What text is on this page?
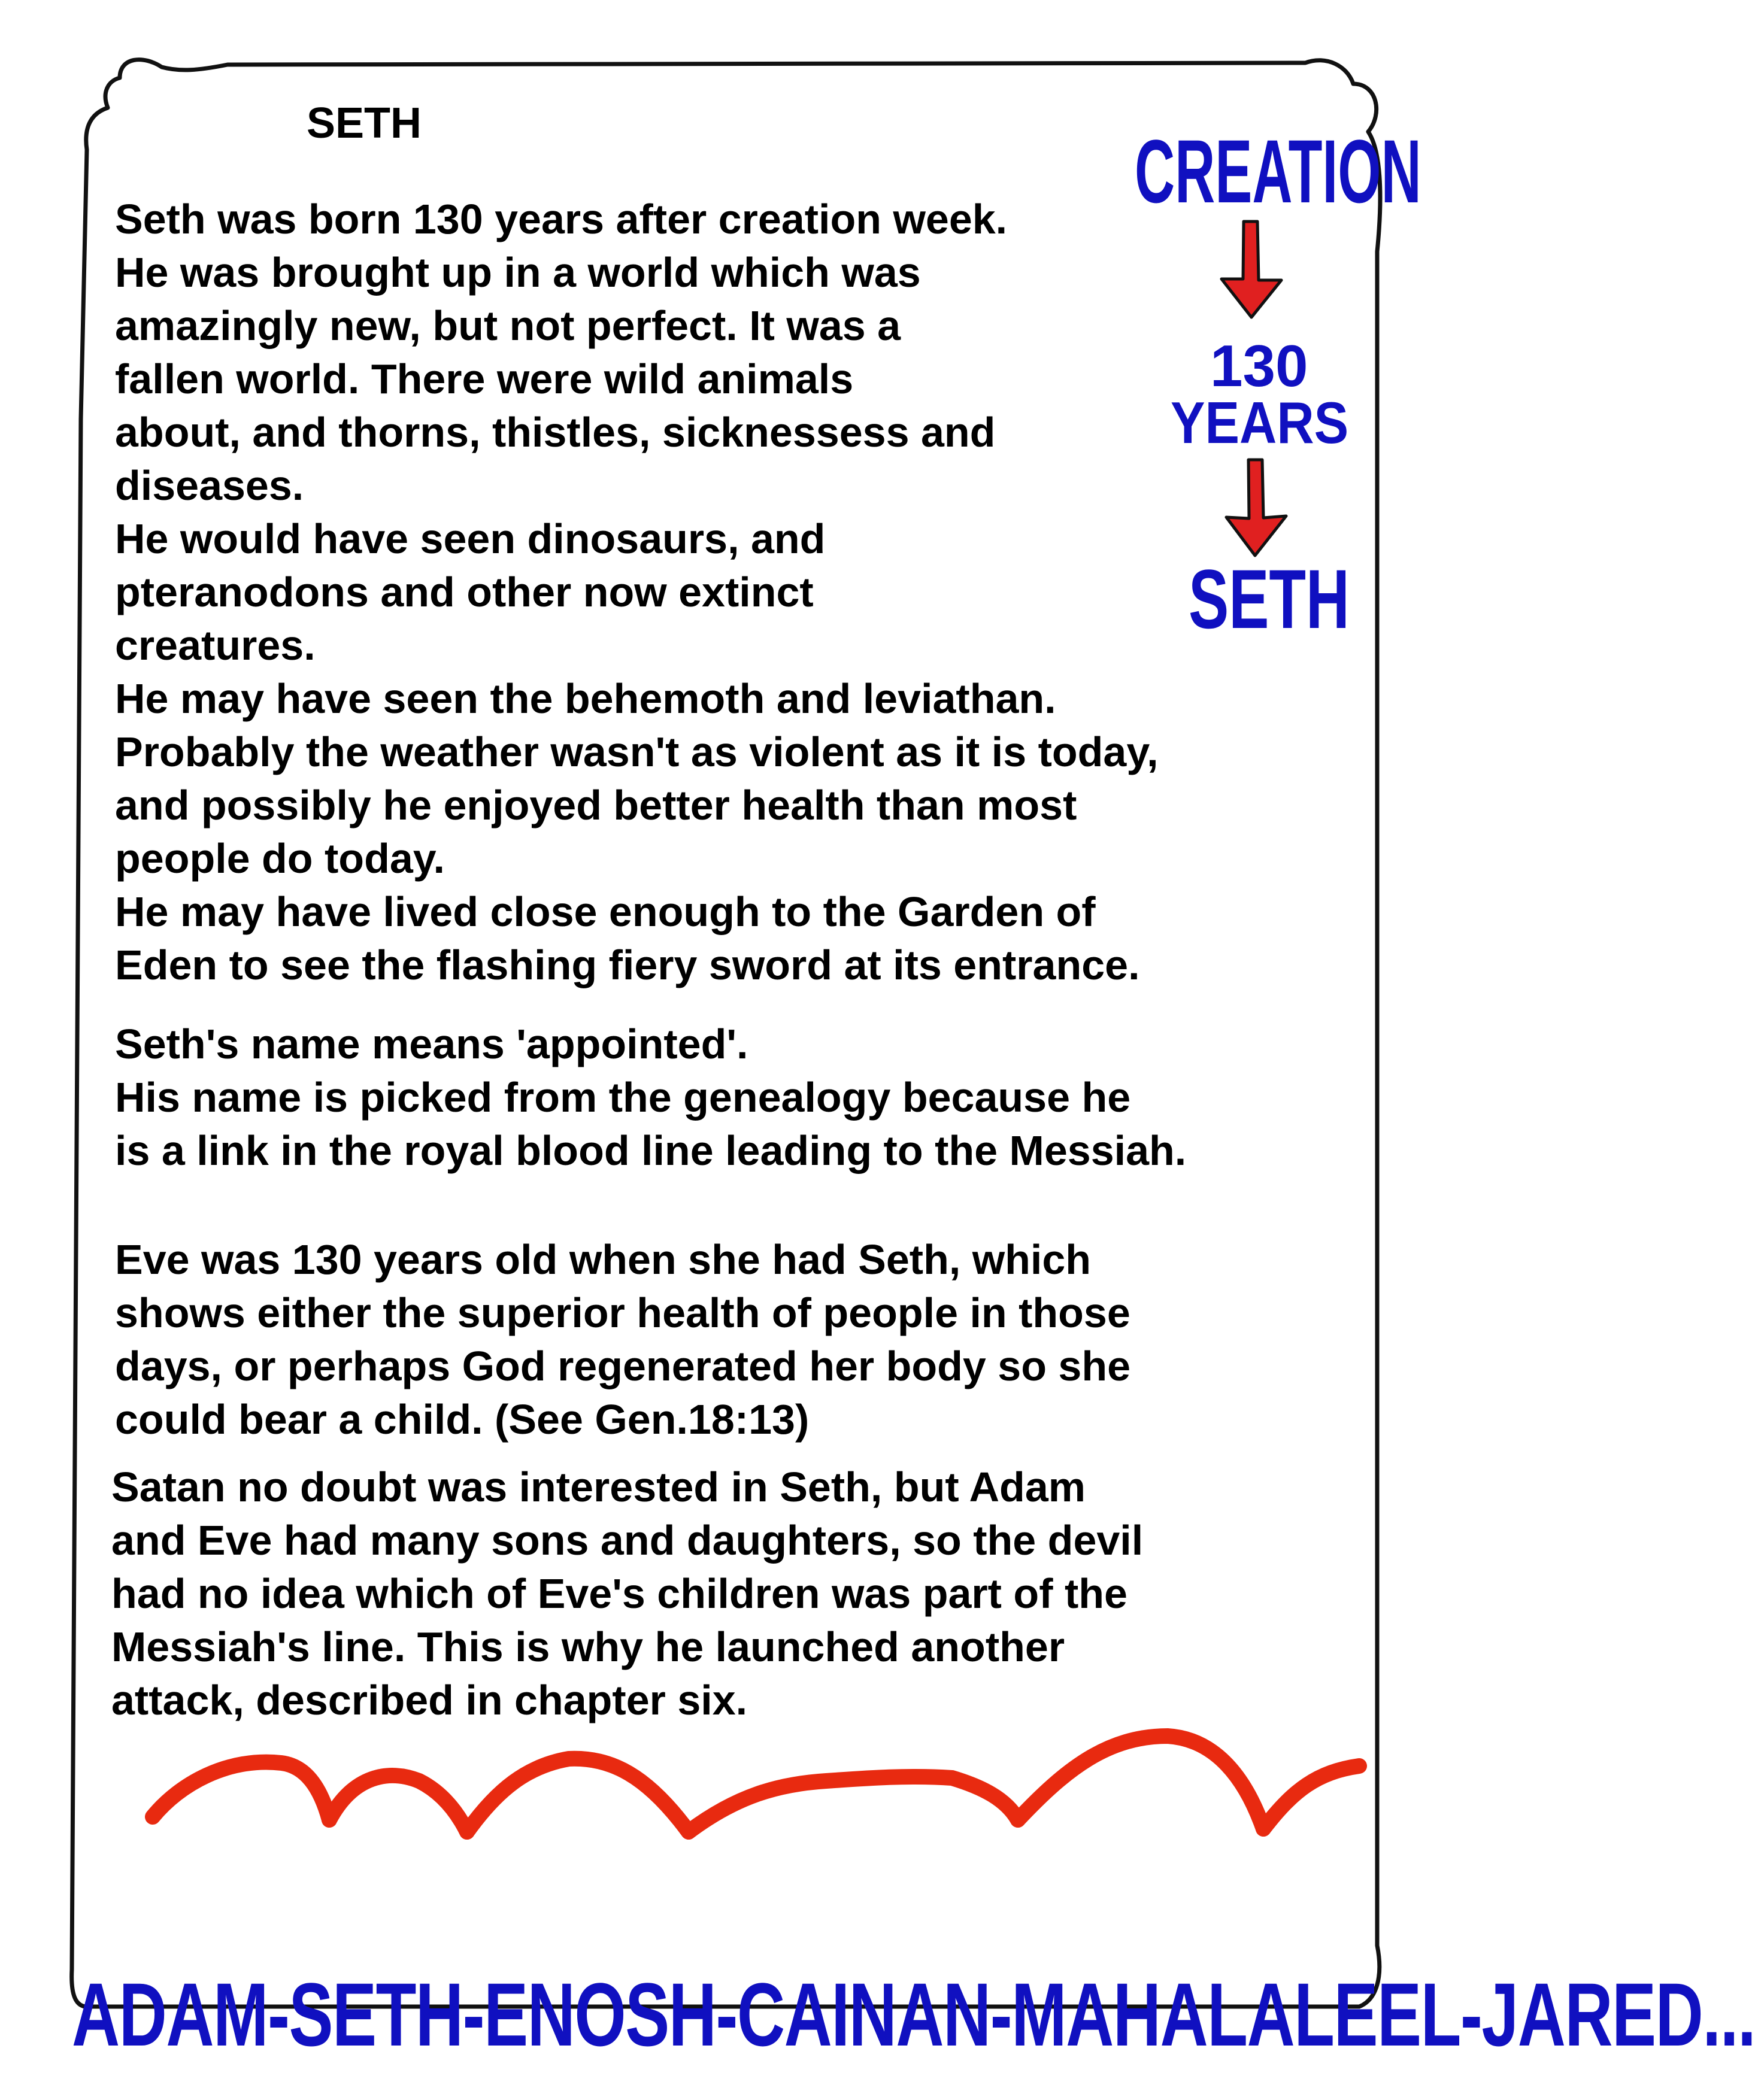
SETH	CREATION
130
YEARS
SETH
Seth was born 130 years after creation week.
He was brought up in a world which was
amazingly new, but not perfect. It was a
fallen world. There were wild animals
about, and thorns, thistles, sicknessess and
diseases.
He would have seen dinosaurs, and
pteranodons and other now extinct
creatures.
He may have seen the behemoth and leviathan.
Probably the weather wasn't as violent as it is today,
and possibly he enjoyed better health than most
people do today.
He may have lived close enough to the Garden of
Eden to see the flashing fiery sword at its entrance.
Seth's name means 'appointed'.
His name is picked from the genealogy because he
is a link in the royal blood line leading to the Messiah.
Eve was 130 years old when she had Seth, which
shows either the superior health of people in those
days, or perhaps God regenerated her body so she
could bear a child. (See Gen.18:13)
Satan no doubt was interested in Seth, but Adam
and Eve had many sons and daughters, so the devil
had no idea which of Eve's children was part of the
Messiah's line. This is why he launched another
attack, described in chapter six.
ADAM-SETH-ENOSH-CAINAN-MAHALALEEL-JARED...
